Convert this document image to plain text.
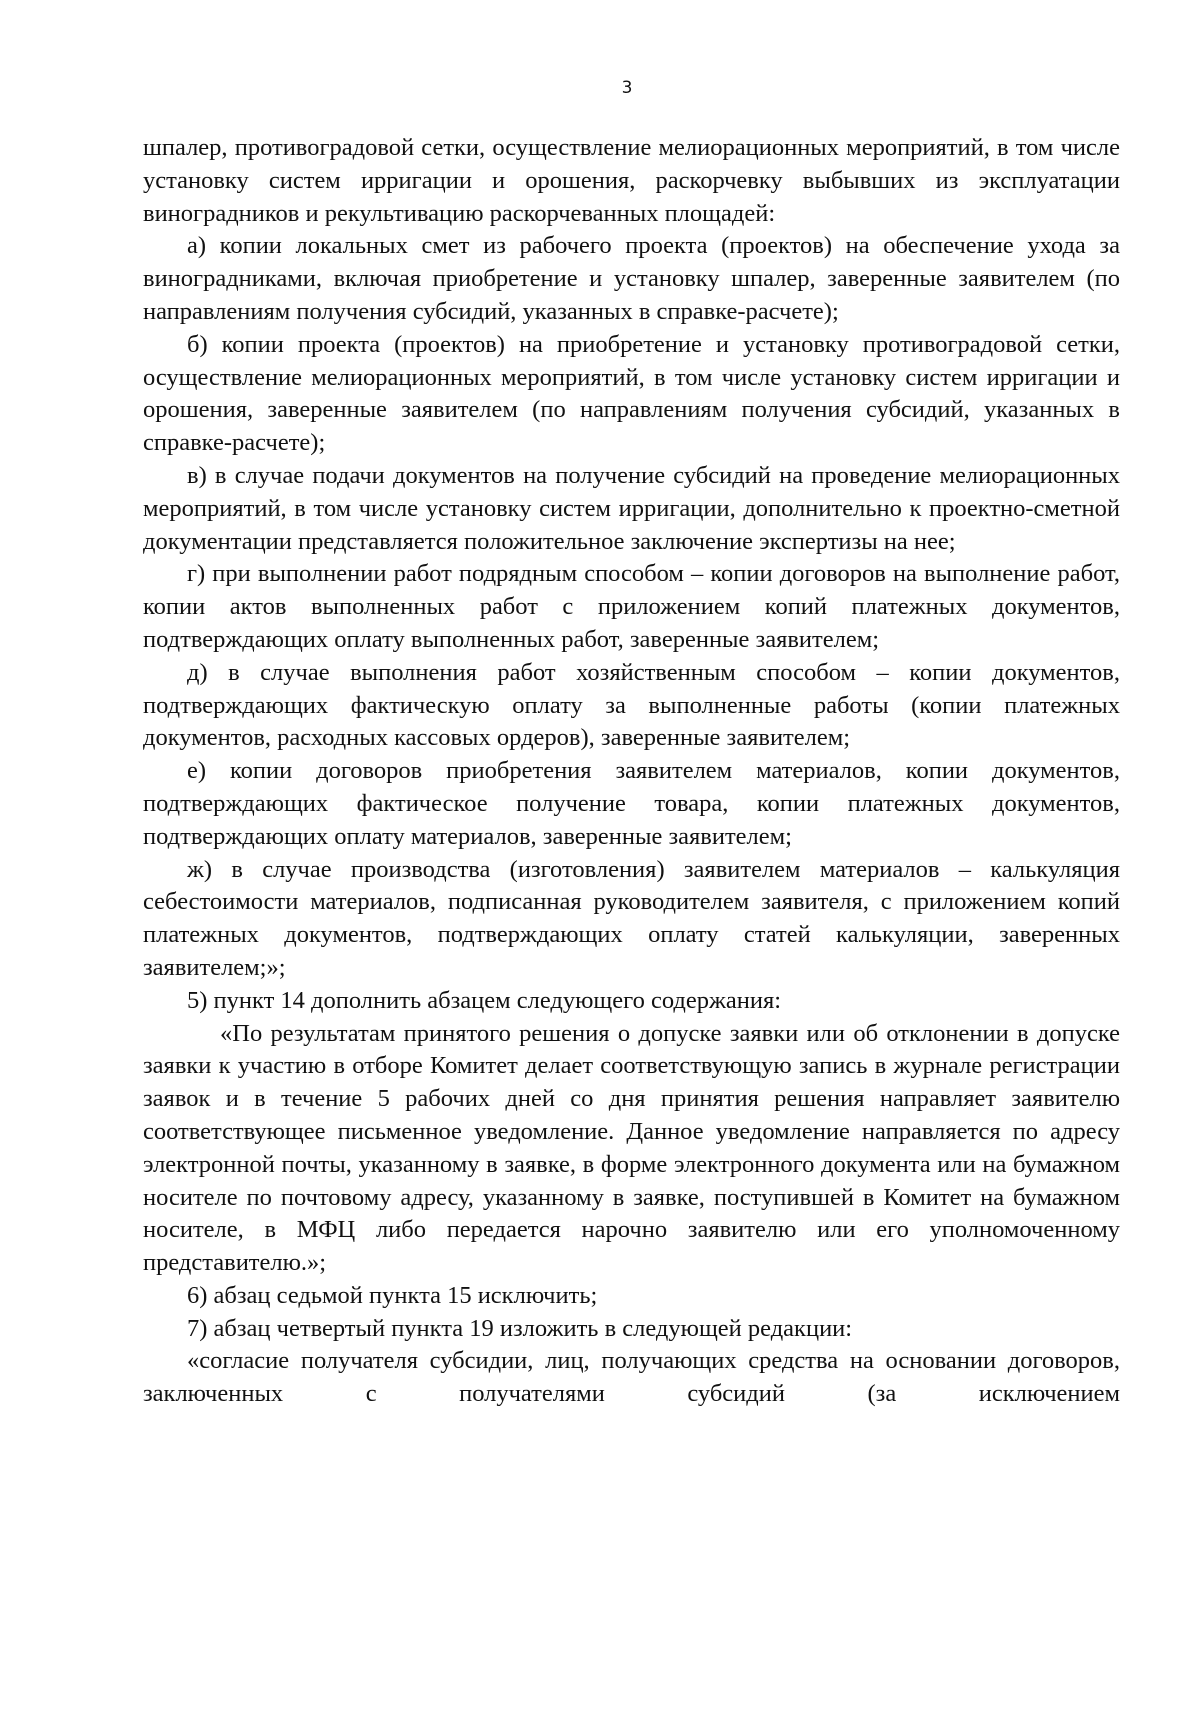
3

шпалер, противоградовой сетки, осуществление мелиорационных мероприятий, в том числе установку систем ирригации и орошения, раскорчевку выбывших из эксплуатации виноградников и рекультивацию раскорчеванных площадей:

а) копии локальных смет из рабочего проекта (проектов) на обеспечение ухода за виноградниками, включая приобретение и установку шпалер, заверенные заявителем (по направлениям получения субсидий, указанных в справке-расчете);

б) копии проекта (проектов) на приобретение и установку противоградовой сетки, осуществление мелиорационных мероприятий, в том числе установку систем ирригации и орошения, заверенные заявителем (по направлениям получения субсидий, указанных в справке-расчете);

в) в случае подачи документов на получение субсидий на проведение мелиорационных мероприятий, в том числе установку систем ирригации, дополнительно к проектно-сметной документации представляется положительное заключение экспертизы на нее;

г) при выполнении работ подрядным способом – копии договоров на выполнение работ, копии актов выполненных работ с приложением копий платежных документов, подтверждающих оплату выполненных работ, заверенные заявителем;

д) в случае выполнения работ хозяйственным способом – копии документов, подтверждающих фактическую оплату за выполненные работы (копии платежных документов, расходных кассовых ордеров), заверенные заявителем;

е) копии договоров приобретения заявителем материалов, копии документов, подтверждающих фактическое получение товара, копии платежных документов, подтверждающих оплату материалов, заверенные заявителем;

ж) в случае производства (изготовления) заявителем материалов – калькуляция себестоимости материалов, подписанная руководителем заявителя, с приложением копий платежных документов, подтверждающих оплату статей калькуляции, заверенных заявителем;»;

5) пункт 14 дополнить абзацем следующего содержания:

«По результатам принятого решения о допуске заявки или об отклонении в допуске заявки к участию в отборе Комитет делает соответствующую запись в журнале регистрации заявок и в течение 5 рабочих дней со дня принятия решения направляет заявителю соответствующее письменное уведомление. Данное уведомление направляется по адресу электронной почты, указанному в заявке, в форме электронного документа или на бумажном носителе по почтовому адресу, указанному в заявке, поступившей в Комитет на бумажном носителе, в МФЦ либо передается нарочно заявителю или его уполномоченному представителю.»;

6) абзац седьмой пункта 15 исключить;

7) абзац четвертый пункта 19 изложить в следующей редакции:

«согласие получателя субсидии, лиц, получающих средства на основании договоров, заключенных с получателями субсидий (за исключением
